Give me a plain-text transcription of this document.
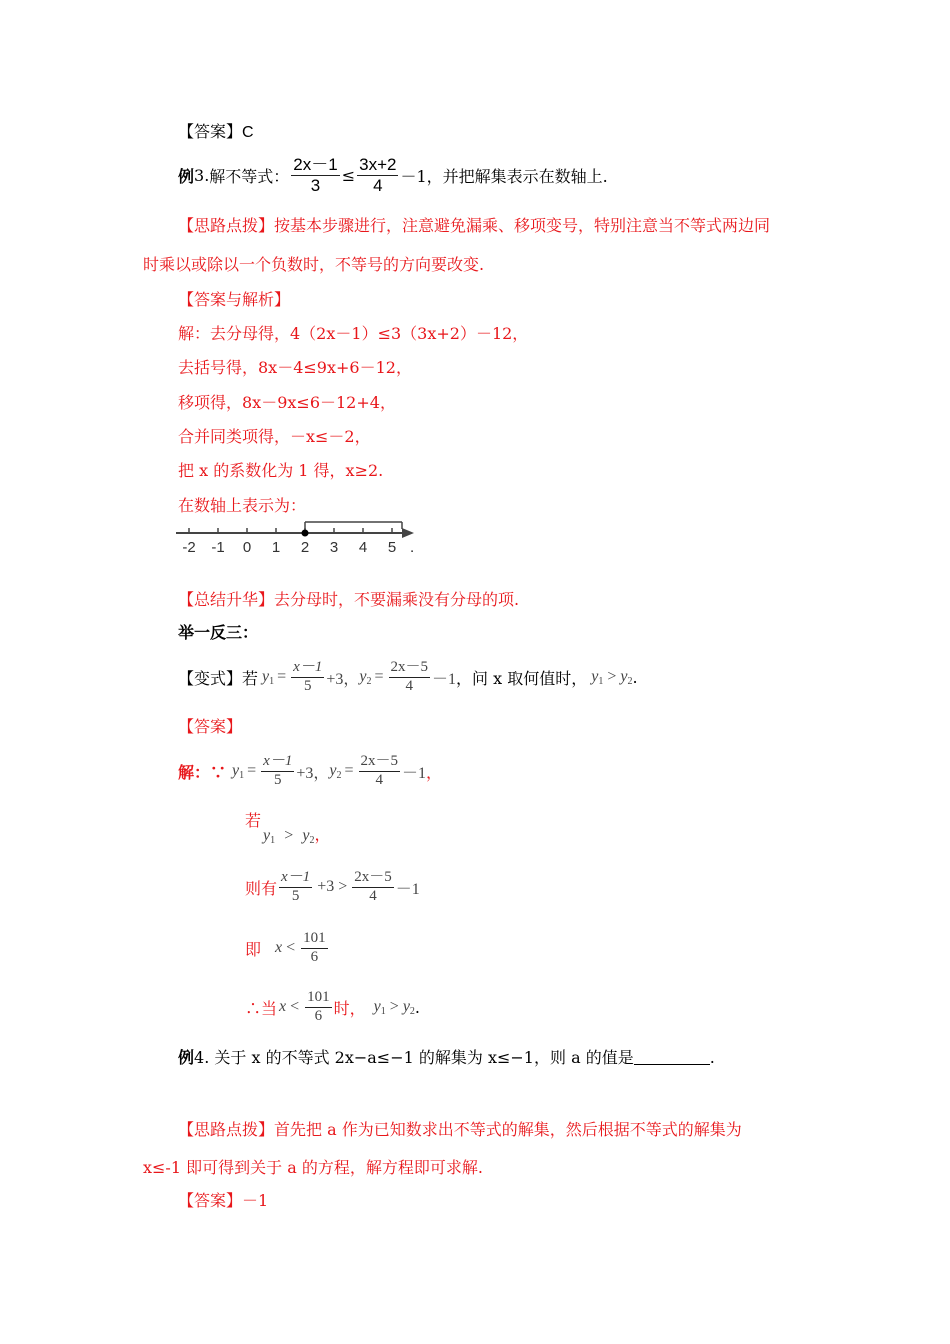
【答案】C
例 3. 解不等式： $\frac{2x-1}{3} \le \frac{3x+2}{4} -1$，并把解集表示在数轴上.
【思路点拨】按基本步骤进行，注意避免漏乘、移项变号，特别注意当不等式两边同
时乘以或除以一个负数时，不等号的方向要改变.
【答案与解析】
解：去分母得，4（2x－1）≤3（3x+2）－12，
去括号得，8x－4≤9x+6－12，
移项得，8x－9x≤6－12+4，
合并同类项得，－x≤－2，
把 x 的系数化为 1 得，x≥2.
在数轴上表示为：
-2 -1 0 1 2 3 4 5 .
【总结升华】去分母时，不要漏乘没有分母的项.
举一反三：
【变式】若 $y_1 = \frac{x-1}{5} +3$， $y_2 = \frac{2x-5}{4} -1$ ，问 x 取何值时， $y_1 > y_2$ .
【答案】
解：∵ $y_1 = \frac{x-1}{5} +3$， $y_2 = \frac{2x-5}{4} -1$ ，
若
$y_1 > y_2$，
则有 $\frac{x-1}{5} +3 > \frac{2x-5}{4} -1$
即 $x < \frac{101}{6}$
∴当 $x < \frac{101}{6}$ 时， $y_1 > y_2$ .
例4. 关于 x 的不等式 2x−a≤−1 的解集为 x≤−1，则 a 的值是	.
【思路点拨】首先把 a 作为已知数求出不等式的解集，然后根据不等式的解集为
x≤-1 即可得到关于 a 的方程，解方程即可求解.
【答案】－1
